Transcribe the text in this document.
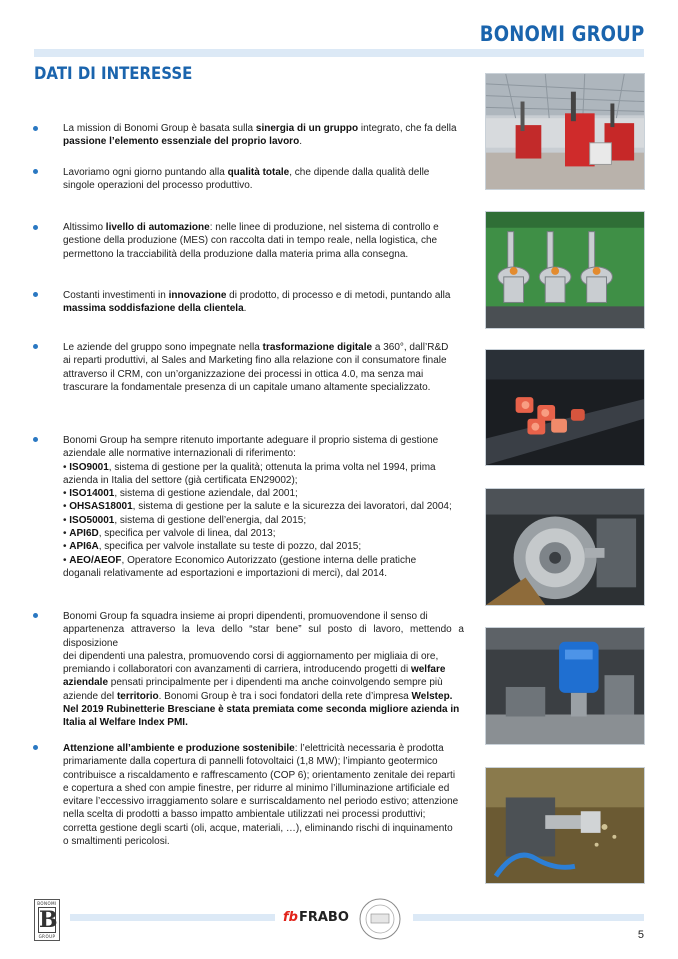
BONOMI GROUP
DATI DI INTERESSE
La mission di Bonomi Group è basata sulla sinergia di un gruppo integrato, che fa della
passione l’elemento essenziale del proprio lavoro.
Lavoriamo ogni giorno puntando alla qualità totale, che dipende dalla qualità delle
singole operazioni del processo produttivo.
Altissimo livello di automazione: nelle linee di produzione, nel sistema di controllo e
gestione della produzione (MES) con raccolta dati in tempo reale, nella logistica, che
permettono la tracciabilità della produzione dalla materia prima alla consegna.
Costanti investimenti in innovazione di prodotto, di processo e di metodi, puntando alla
massima soddisfazione della clientela.
Le aziende del gruppo sono impegnate nella trasformazione digitale a 360°, dall’R&D
ai reparti produttivi, al Sales and Marketing fino alla relazione con il consumatore finale
attraverso il CRM, con un’organizzazione dei processi in ottica 4.0, ma senza mai
trascurare la fondamentale presenza di un capitale umano altamente specializzato.
Bonomi Group ha sempre ritenuto importante adeguare il proprio sistema di gestione
aziendale alle normative internazionali di riferimento:
• ISO9001, sistema di gestione per la qualità; ottenuta la prima volta nel 1994, prima
azienda in Italia del settore (già certificata EN29002);
• ISO14001, sistema di gestione aziendale, dal 2001;
• OHSAS18001, sistema di gestione per la salute e la sicurezza dei lavoratori, dal 2004;
• ISO50001, sistema di gestione dell’energia, dal 2015;
• API6D, specifica per valvole di linea, dal 2013;
• API6A, specifica per valvole installate su teste di pozzo, dal 2015;
• AEO/AEOF, Operatore Economico Autorizzato (gestione interna delle pratiche
doganali relativamente ad esportazioni e importazioni di merci), dal 2014.
Bonomi Group fa squadra insieme ai propri dipendenti, promuovendone il senso di
appartenenza attraverso la leva dello “star bene” sul posto di lavoro, mettendo a disposizione
dei dipendenti una palestra, promuovendo corsi di aggiornamento per migliaia di ore,
premiando i collaboratori con avanzamenti di carriera, introducendo progetti di welfare
aziendale pensati principalmente per i dipendenti ma anche coinvolgendo sempre più
aziende del territorio. Bonomi Group è tra i soci fondatori della rete d’impresa Welstep.
Nel 2019 Rubinetterie Bresciane è stata premiata come seconda migliore azienda in
Italia al Welfare Index PMI.
Attenzione all’ambiente e produzione sostenibile: l’elettricità necessaria è prodotta
primariamente dalla copertura di pannelli fotovoltaici (1,8 MW); l’impianto geotermico
contribuisce a riscaldamento e raffrescamento (COP 6); orientamento zenitale dei reparti
e copertura a shed con ampie finestre, per ridurre al minimo l’illuminazione artificiale ed
evitare l’eccessivo irraggiamento solare e surriscaldamento nel periodo estivo; attenzione
nella scelta di prodotti a basso impatto ambientale utilizzati nei processi produttivi;
corretta gestione degli scarti (oli, acque, materiali, …), eliminando rischi di inquinamento
o smaltimenti pericolosi.
BONOMI
B
GROUP
fbFRABO
5
